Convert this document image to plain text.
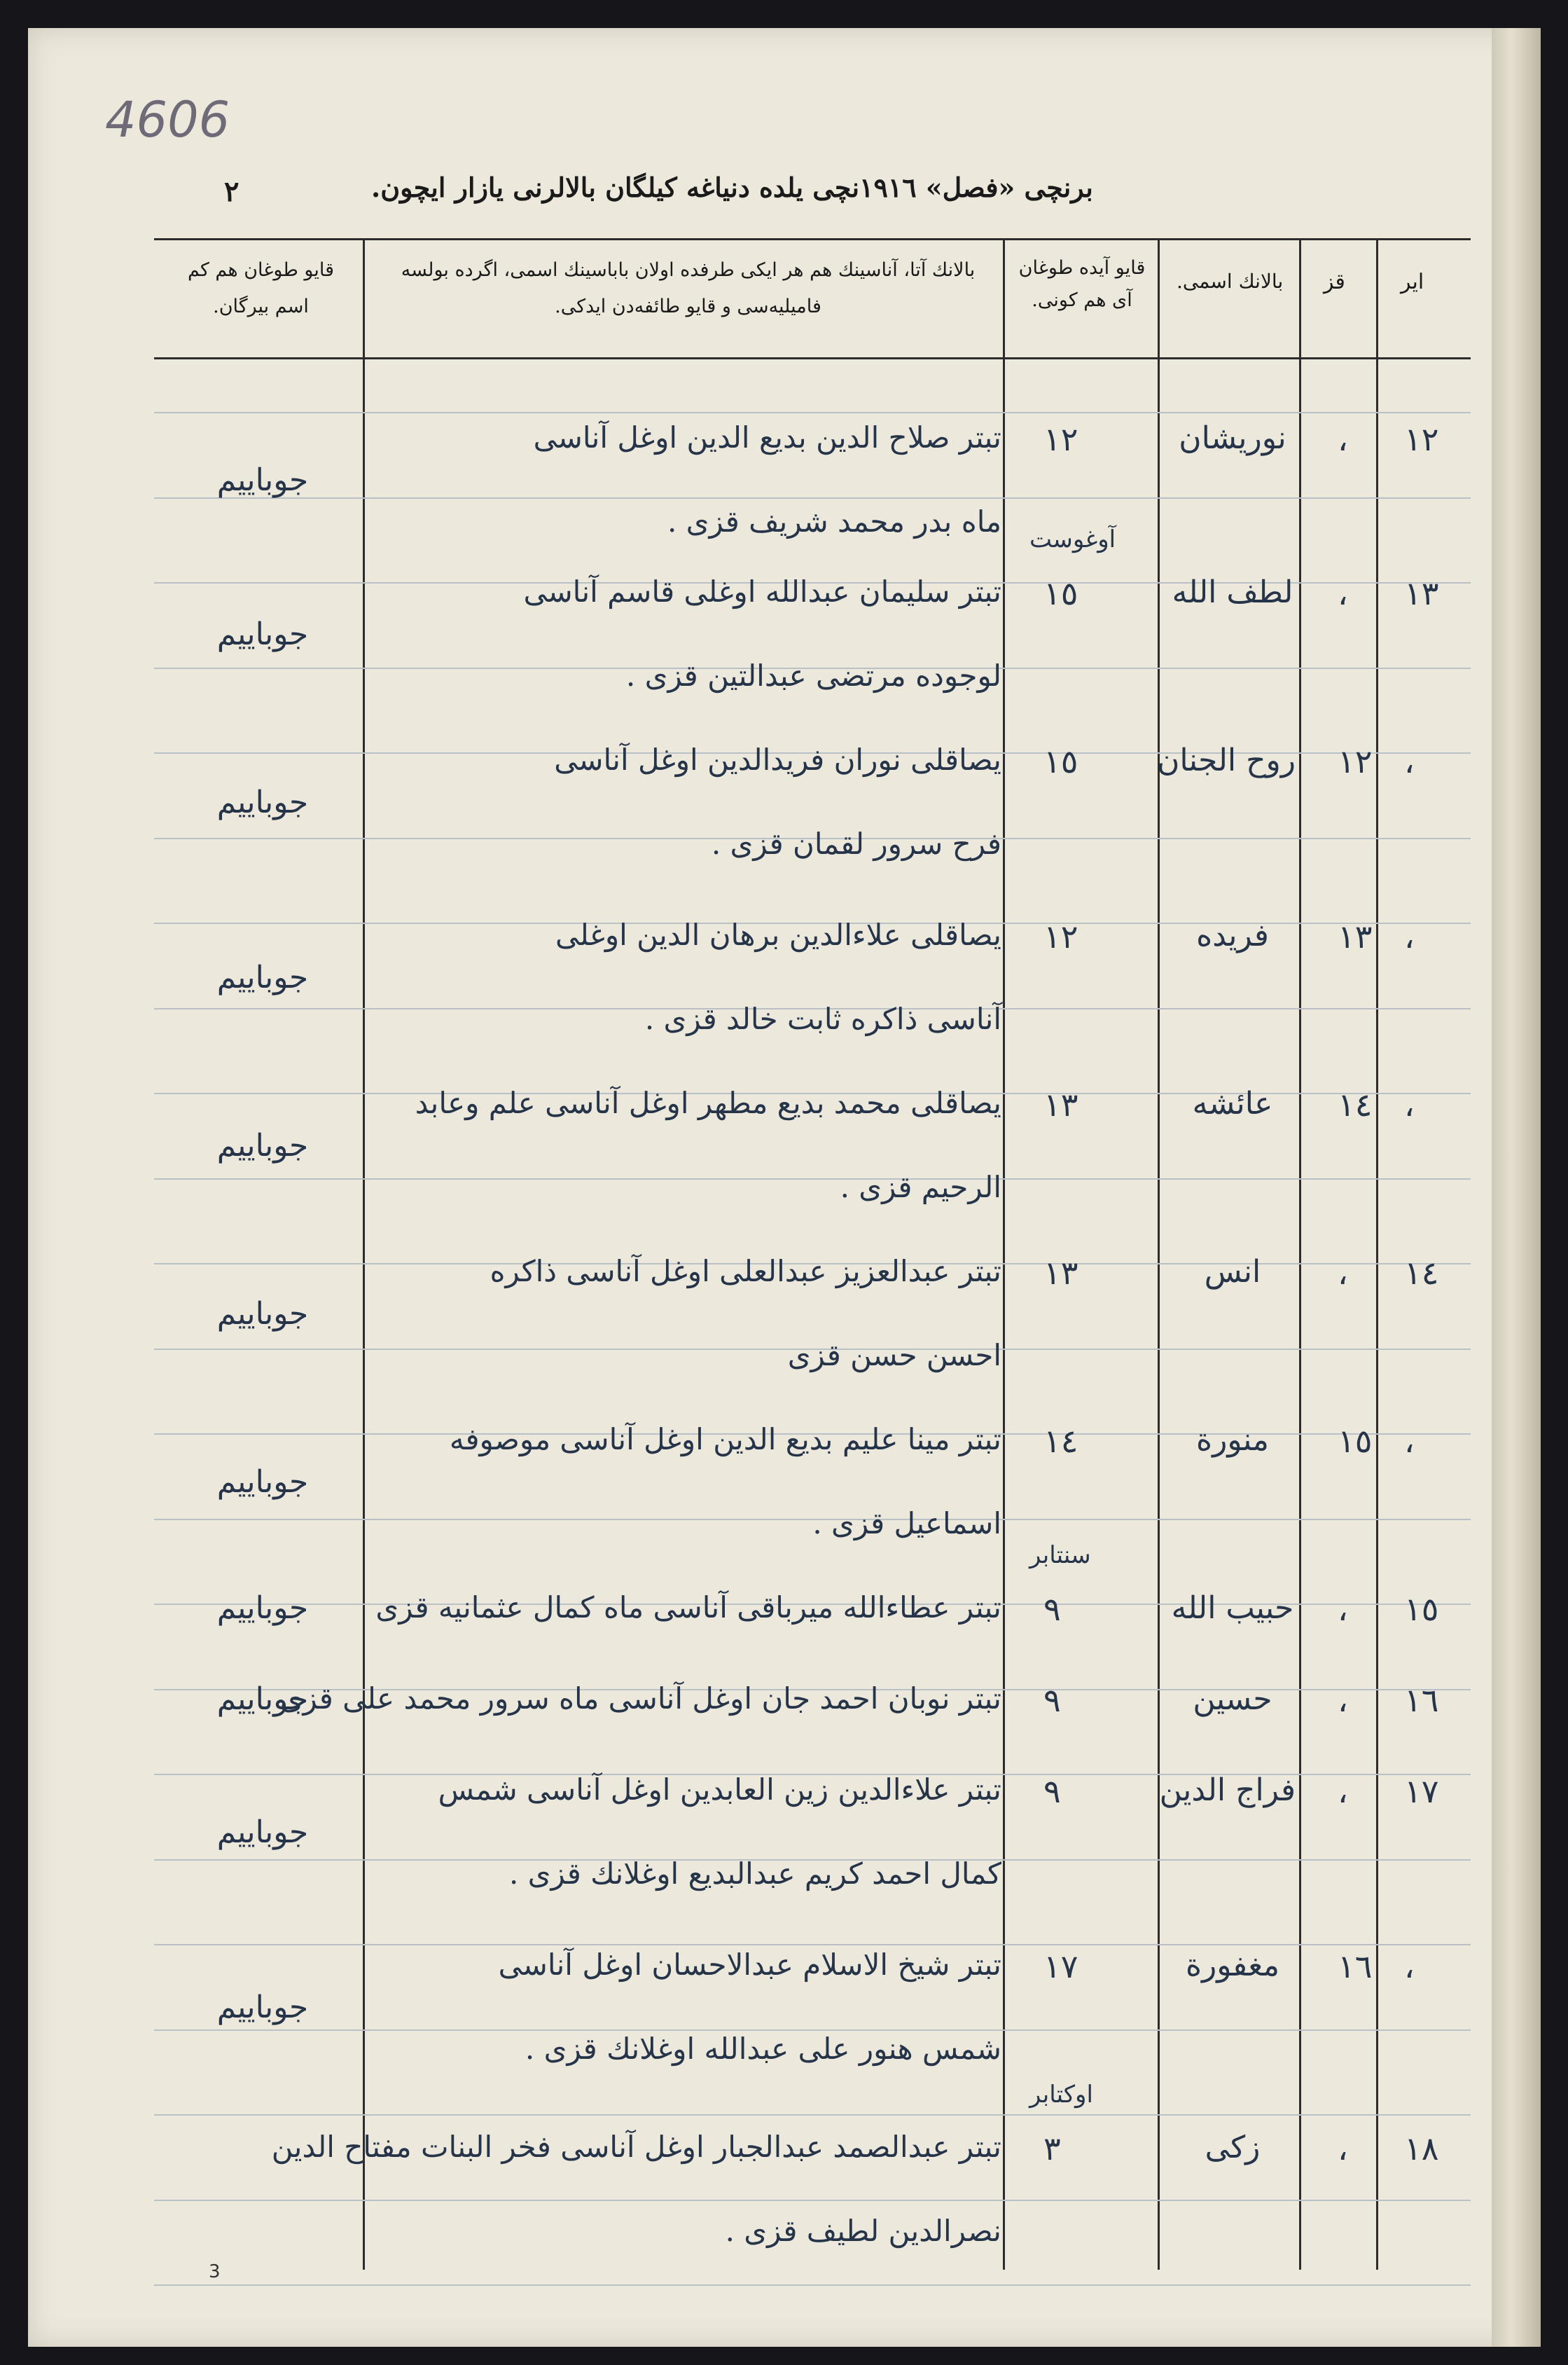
4606
٢	برنچی «فصل» ١٩١٦نچی یلده دنیاغه کیلگان بالالرنی یازار ایچون.
ایر
قز
بالانك اسمی.
قایو آیده طوغان آی هم کونی.
بالانك آتا، آناسینك هم هر ایکی طرفده اولان باباسینك اسمی، اگرده بولسه فامیلیه‌سی و قایو طائفه‌دن ایدکی.
قایو طوغان هم کم اسم بیرگان.
١٢
،
نوریشان
١٢
تبتر صلاح الدین بدیع الدین اوغل آناسی
ماه بدر محمد شریف قزی .
جوباییم
١٣
،
لطف الله
١٥
آوغوست
تبتر سلیمان عبدالله اوغلی قاسم آناسی
لوجوده مرتضی عبدالتین قزی .
جوباییم
،
١٢
روح الجنان
١٥
یصاقلی نوران فریدالدین اوغل آناسی
فرح سرور لقمان قزی .
جوباییم
،
١٣
فریده
١٢
یصاقلی علاءالدین برهان الدین اوغلی
آناسی ذاکره ثابت خالد قزی .
جوباییم
،
١٤
عائشه
١٣
یصاقلی محمد بدیع مطهر اوغل آناسی علم وعابد
الرحیم قزی .
جوباییم
١٤
،
انس
١٣
تبتر عبدالعزیز عبدالعلی اوغل آناسی ذاکره
احسن حسن قزی
جوباییم
،
١٥
منورة
١٤
تبتر مینا علیم بدیع الدین اوغل آناسی موصوفه
اسماعیل قزی .
جوباییم
١٥
،
حبیب الله
٩
سنتابر
تبتر عطاءالله میرباقی آناسی ماه کمال عثمانیه قزی
جوباییم
١٦
،
حسین
٩
تبتر نوبان احمد جان اوغل آناسی ماه سرور محمد علی قزی
جوباییم
١٧
،
فراج الدین
٩
تبتر علاءالدین زین العابدین اوغل آناسی شمس
کمال احمد کریم عبدالبدیع اوغلانك قزی .
جوباییم
،
١٦
مغفورة
١٧
تبتر شیخ الاسلام عبدالاحسان اوغل آناسی
شمس هنور علی عبدالله اوغلانك قزی .
جوباییم
١٨
،
زکی
٣
اوکتابر
تبتر عبدالصمد عبدالجبار اوغل آناسی فخر البنات مفتاح الدین
نصرالدین لطیف قزی .
3
